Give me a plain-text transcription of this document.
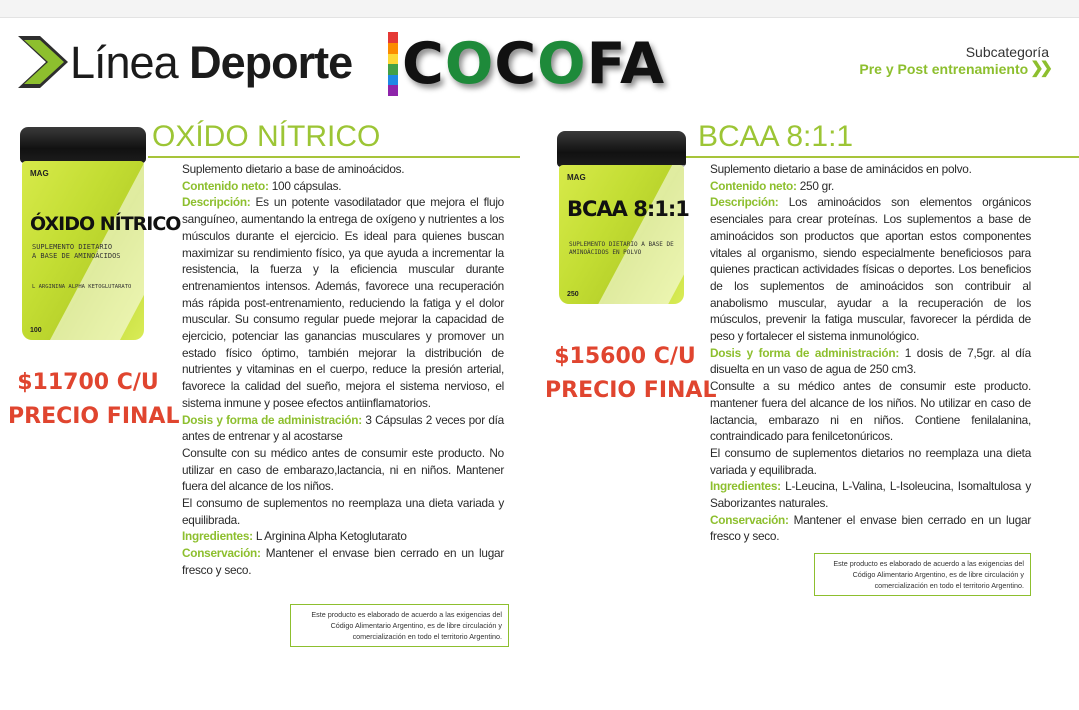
Línea Deporte COCOFA	Subcategoría
Pre y Post entrenamiento ❯❯
OXÍDO NÍTRICO
MAG
ÓXIDO NÍTRICO
SUPLEMENTO DIETARIO
A BASE DE AMINOÁCIDOS
L ARGININA ALPHA KETOGLUTARATO
100
$11700 C/U
PRECIO FINAL

Suplemento dietario a base de aminoácidos.

Contenido neto: 100 cápsulas.

Descripción: Es un potente vasodilatador que mejora el flujo sanguíneo, aumentando la entrega de oxígeno y nutrientes a los músculos durante el ejercicio. Es ideal para quienes buscan maximizar su rendimiento físico, ya que ayuda a incrementar la resistencia, la fuerza y la eficiencia muscular durante entrenamientos intensos. Además, favorece una recuperación más rápida post-entrenamiento, reduciendo la fatiga y el dolor muscular. Su consumo regular puede mejorar la capacidad de ejercicio, potenciar las ganancias musculares y promover un estado físico óptimo, también mejorar la distribución de nutrientes y vitaminas en el cuerpo, reduce la presión arterial, favorece la calidad del sueño, mejora el sistema nervioso, el sistema inmune y posee efectos antiinflamatorios.

Dosis y forma de administración: 3 Cápsulas 2 veces por día antes de entrenar y al acostarse

Consulte con su médico antes de consumir este producto. No utilizar en caso de embarazo,lactancia, ni en niños. Mantener fuera del alcance de los niños.

El consumo de suplementos no reemplaza una dieta variada y equilibrada.

Ingredientes: L Arginina Alpha Ketoglutarato

Conservación: Mantener el envase bien cerrado en un lugar fresco y seco.

Este producto es elaborado de acuerdo a las exigencias del Código Alimentario Argentino, es de libre circulación y comercialización en todo el territorio Argentino.
BCAA 8:1:1
MAG
BCAA 8:1:1
SUPLEMENTO DIETARIO A BASE DE
AMINOÁCIDOS EN POLVO
250
$15600 C/U
PRECIO FINAL

Suplemento dietario a base de aminácidos en polvo.

Contenido neto: 250 gr.

Descripción: Los aminoácidos son elementos orgánicos esenciales para crear proteínas. Los suplementos a base de aminoácidos son productos que aportan estos componentes vitales al organismo, siendo especialmente beneficiosos para quienes practican actividades físicas o deportes. Los beneficios de los suplementos de aminoácidos son contribuir al anabolismo muscular, ayudar a la recuperación de los músculos, prevenir la fatiga muscular, favorecer la pérdida de peso y fortalecer el sistema inmunológico.

Dosis y forma de administración: 1 dosis de 7,5gr. al día disuelta en un vaso de agua de 250 cm3.

Consulte a su médico antes de consumir este producto. mantener fuera del alcance de los niños. No utilizar en caso de lactancia, embarazo ni en niños. Contiene fenilalanina, contraindicado para fenilcetonúricos.

El consumo de suplementos dietarios no reemplaza una dieta variada y equilibrada.

Ingredientes: L-Leucina, L-Valina, L-Isoleucina, Isomaltulosa y Saborizantes naturales.

Conservación: Mantener el envase bien cerrado en un lugar fresco y seco.

Este producto es elaborado de acuerdo a las exigencias del Código Alimentario Argentino, es de libre circulación y comercialización en todo el territorio Argentino.
